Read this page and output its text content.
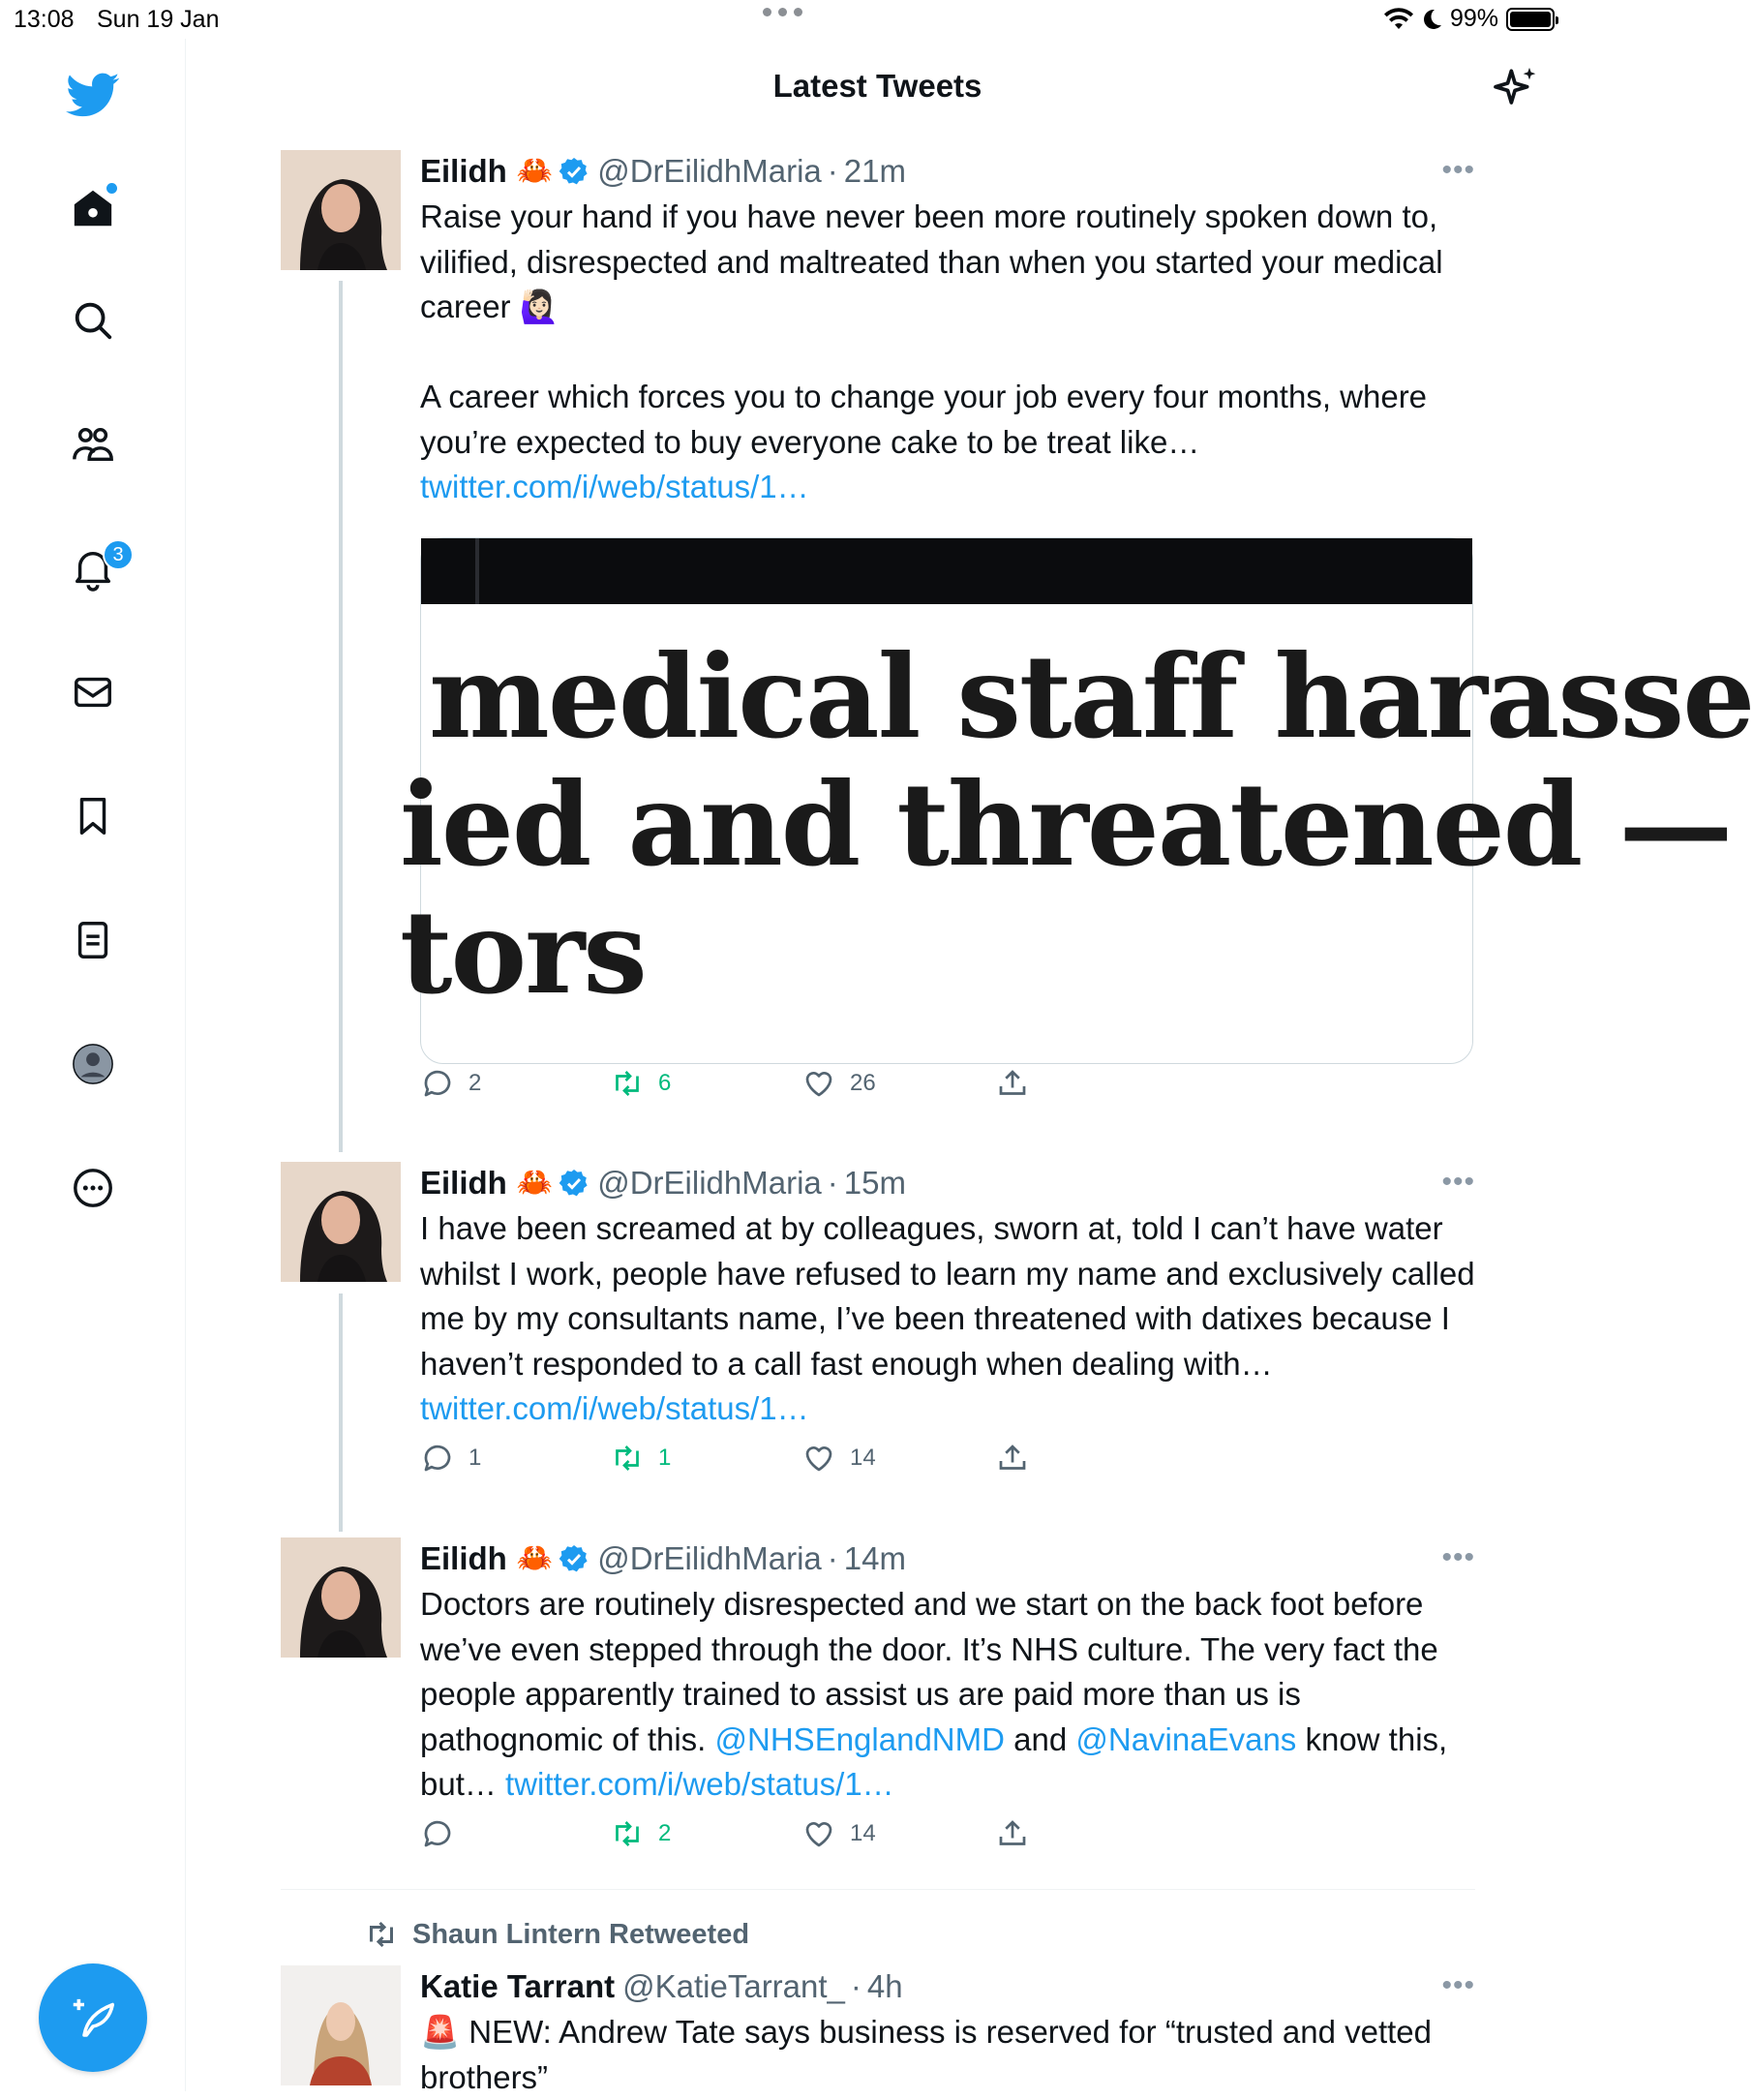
13:08 Sun 19 Jan	99%
3
Latest Tweets
Eilidh 🦀 @DrEilidhMaria · 21m	•••
Raise your hand if you have never been more routinely spoken down to, vilified, disrespected and maltreated than when you started your medical career 🙋🏻‍♀️

A career which forces you to change your job every four months, where you’re expected to buy everyone cake to be treat like… twitter.com/i/web/status/1…
medical staff harasse
ied and threatened —
tors
2	6	26
Eilidh 🦀 @DrEilidhMaria · 15m	•••
I have been screamed at by colleagues, sworn at, told I can’t have water whilst I work, people have refused to learn my name and exclusively called me by my consultants name, I’ve been threatened with datixes because I haven’t responded to a call fast enough when dealing with… twitter.com/i/web/status/1…
1	1	14
Eilidh 🦀 @DrEilidhMaria · 14m	•••
Doctors are routinely disrespected and we start on the back foot before we’ve even stepped through the door. It’s NHS culture. The very fact the people apparently trained to assist us are paid more than us is pathognomic of this. @NHSEnglandNMD and @NavinaEvans know this, but… twitter.com/i/web/status/1…
2	14
Shaun Lintern Retweeted
Katie Tarrant @KatieTarrant_ · 4h	•••
🚨 NEW: Andrew Tate says business is reserved for “trusted and vetted brothers”
